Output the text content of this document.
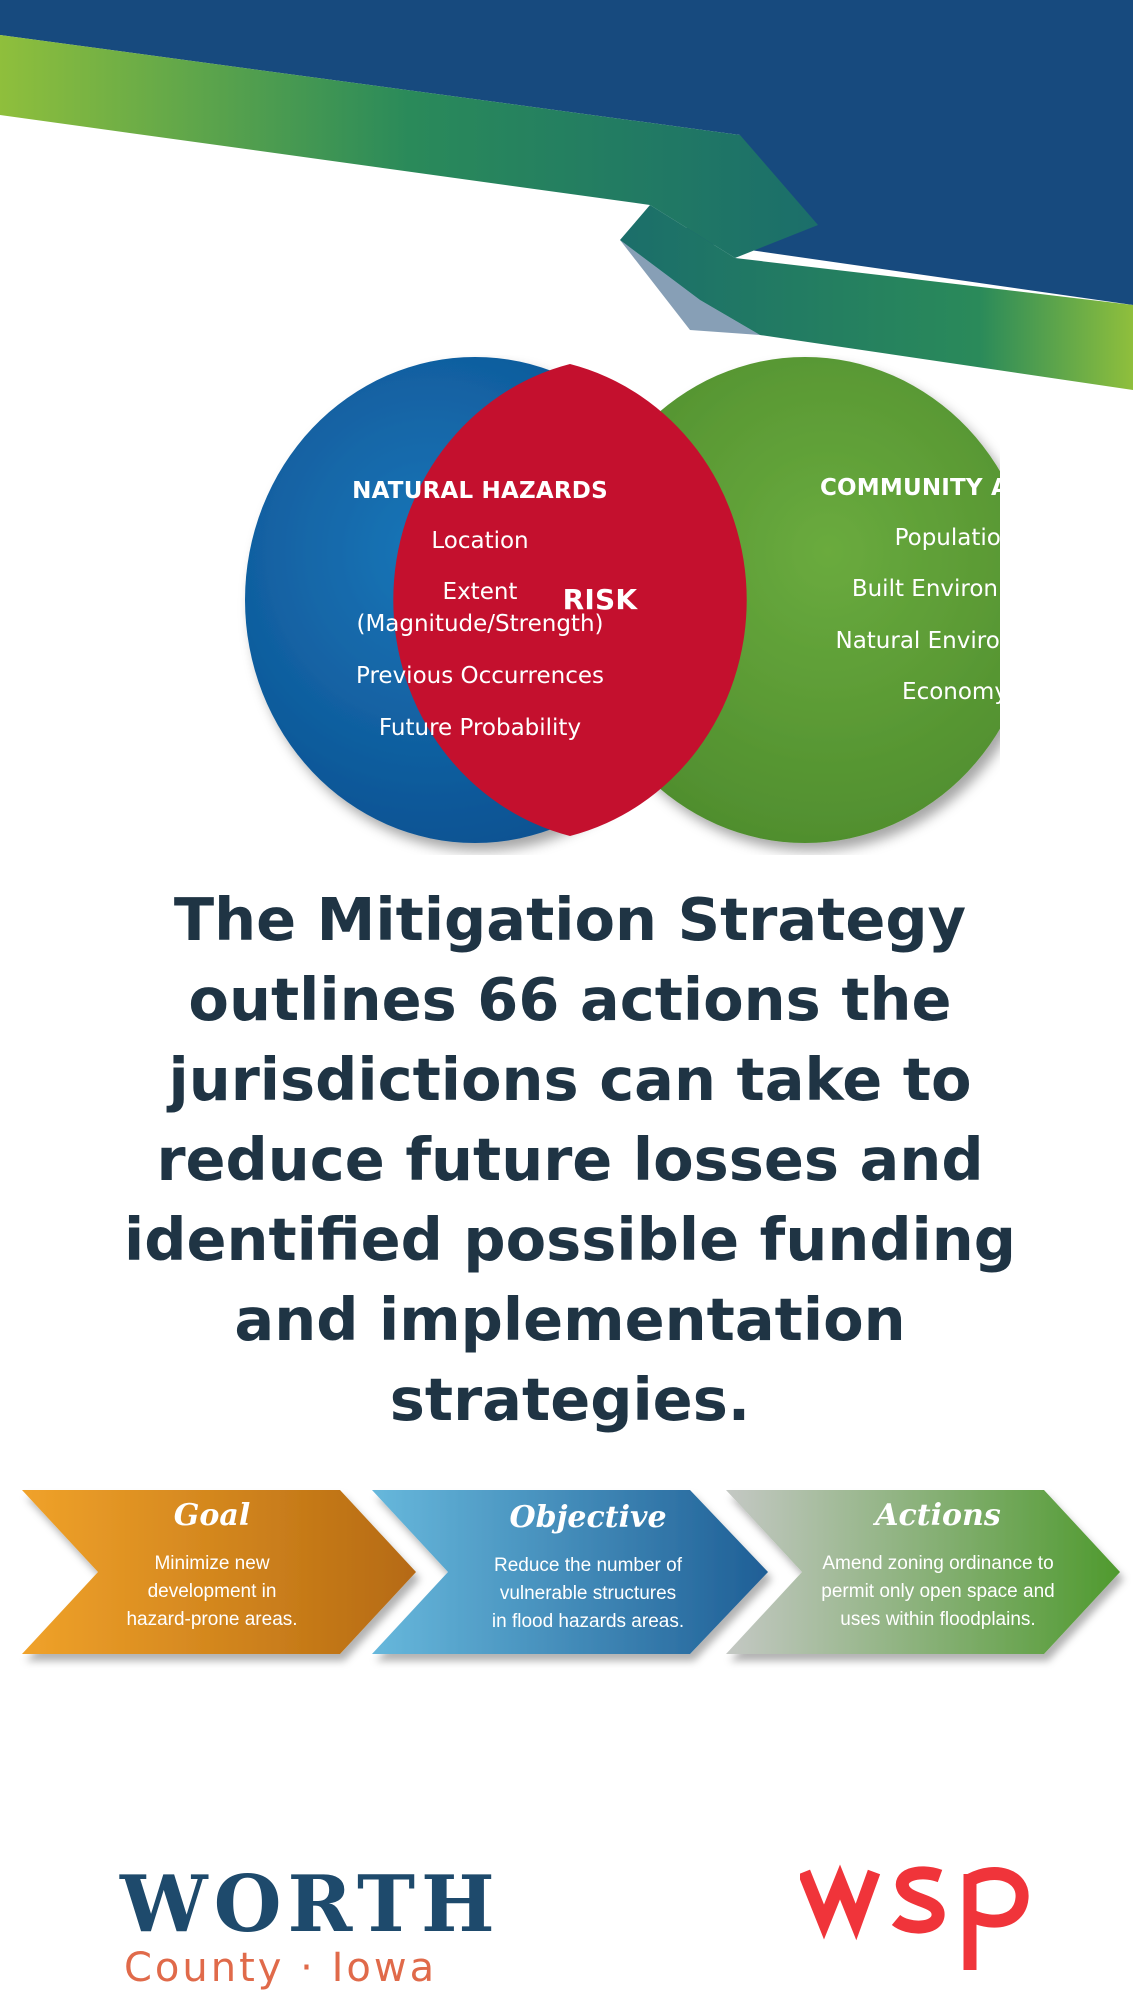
NATURAL HAZARDS
Location
Extent
(Magnitude/Strength)
Previous Occurrences
Future Probability
RISK
COMMUNITY ASSETS
Population
Built Environment
Natural Environment
Economy
The Mitigation Strategy
outlines 66 actions the
jurisdictions can take to
reduce future losses and
identified possible funding
and implementation
strategies.
Goal
Minimize new
development in
hazard-prone areas.
Objective
Reduce the number of
vulnerable structures
in flood hazards areas.
Actions
Amend zoning ordinance to
permit only open space and
uses within floodplains.
WORTH
County · Iowa
